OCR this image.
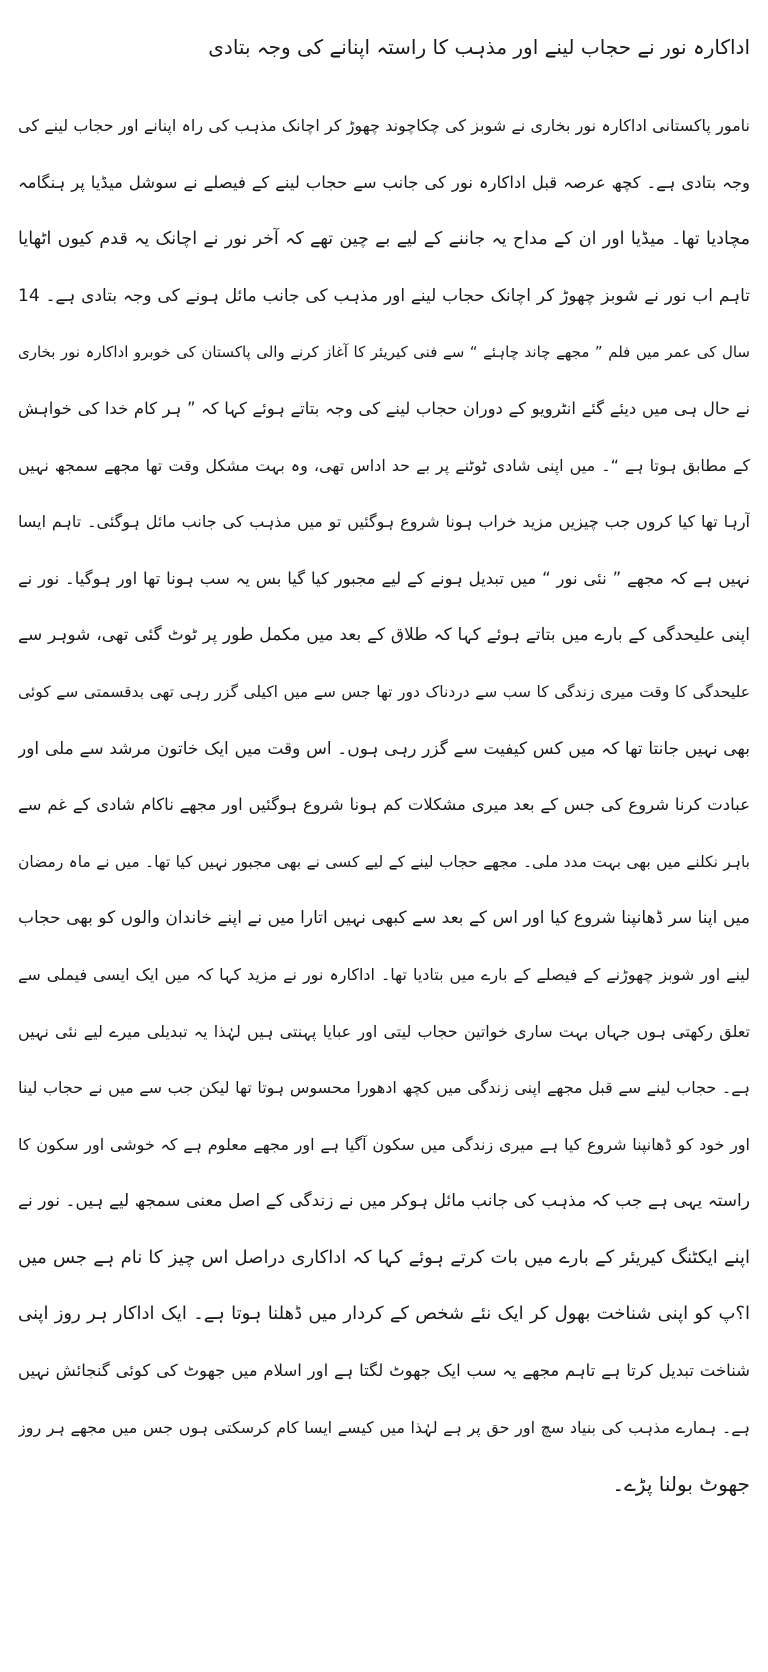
اداکارہ نور نے حجاب لینے اور مذہب کا راستہ اپنانے کی وجہ بتادی
نامور پاکستانی اداکارہ نور بخاری نے شوبز کی چکاچوند چھوڑ کر اچانک مذہب کی راہ اپنانے اور حجاب لینے کی
وجہ بتادی ہے۔ کچھ عرصہ قبل اداکارہ نور کی جانب سے حجاب لینے کے فیصلے نے سوشل میڈیا پر ہنگامہ
مچادیا تھا۔ میڈیا اور ان کے مداح یہ جاننے کے لیے بے چین تھے کہ آخر نور نے اچانک یہ قدم کیوں اٹھایا
تاہم اب نور نے شوبز چھوڑ کر اچانک حجاب لینے اور مذہب کی جانب مائل ہونے کی وجہ بتادی ہے۔ 14
سال کی عمر میں فلم ” مجھے چاند چاہئے “ سے فنی کیریئر کا آغاز کرنے والی پاکستان کی خوبرو اداکارہ نور بخاری
نے حال ہی میں دیئے گئے انٹرویو کے دوران حجاب لینے کی وجہ بتاتے ہوئے کہا کہ ” ہر کام خدا کی خواہش
کے مطابق ہوتا ہے “۔ میں اپنی شادی ٹوٹنے پر بے حد اداس تھی، وہ بہت مشکل وقت تھا مجھے سمجھ نہیں
آرہا تھا کیا کروں جب چیزیں مزید خراب ہونا شروع ہوگئیں تو میں مذہب کی جانب مائل ہوگئی۔ تاہم ایسا
نہیں ہے کہ مجھے ” نئی نور “ میں تبدیل ہونے کے لیے مجبور کیا گیا بس یہ سب ہونا تھا اور ہوگیا۔ نور نے
اپنی علیحدگی کے بارے میں بتاتے ہوئے کہا کہ طلاق کے بعد میں مکمل طور پر ٹوٹ گئی تھی، شوہر سے
علیحدگی کا وقت میری زندگی کا سب سے دردناک دور تھا جس سے میں اکیلی گزر رہی تھی بدقسمتی سے کوئی
بھی نہیں جانتا تھا کہ میں کس کیفیت سے گزر رہی ہوں۔ اس وقت میں ایک خاتون مرشد سے ملی اور
عبادت کرنا شروع کی جس کے بعد میری مشکلات کم ہونا شروع ہوگئیں اور مجھے ناکام شادی کے غم سے
باہر نکلنے میں بھی بہت مدد ملی۔ مجھے حجاب لینے کے لیے کسی نے بھی مجبور نہیں کیا تھا۔ میں نے ماہ رمضان
میں اپنا سر ڈھانپنا شروع کیا اور اس کے بعد سے کبھی نہیں اتارا میں نے اپنے خاندان والوں کو بھی حجاب
لینے اور شوبز چھوڑنے کے فیصلے کے بارے میں بتادیا تھا۔ اداکارہ نور نے مزید کہا کہ میں ایک ایسی فیملی سے
تعلق رکھتی ہوں جہاں بہت ساری خواتین حجاب لیتی اور عبایا پہنتی ہیں لہٰذا یہ تبدیلی میرے لیے نئی نہیں
ہے۔ حجاب لینے سے قبل مجھے اپنی زندگی میں کچھ ادھورا محسوس ہوتا تھا لیکن جب سے میں نے حجاب لینا
اور خود کو ڈھانپنا شروع کیا ہے میری زندگی میں سکون آگیا ہے اور مجھے معلوم ہے کہ خوشی اور سکون کا
راستہ یہی ہے جب کہ مذہب کی جانب مائل ہوکر میں نے زندگی کے اصل معنی سمجھ لیے ہیں۔ نور نے
اپنے ایکٹنگ کیریئر کے بارے میں بات کرتے ہوئے کہا کہ اداکاری دراصل اس چیز کا نام ہے جس میں
ا؟پ کو اپنی شناخت بھول کر ایک نئے شخص کے کردار میں ڈھلنا ہوتا ہے۔ ایک اداکار ہر روز اپنی
شناخت تبدیل کرتا ہے تاہم مجھے یہ سب ایک جھوٹ لگتا ہے اور اسلام میں جھوٹ کی کوئی گنجائش نہیں
ہے۔ ہمارے مذہب کی بنیاد سچ اور حق پر ہے لہٰذا میں کیسے ایسا کام کرسکتی ہوں جس میں مجھے ہر روز
جھوٹ بولنا پڑے۔
